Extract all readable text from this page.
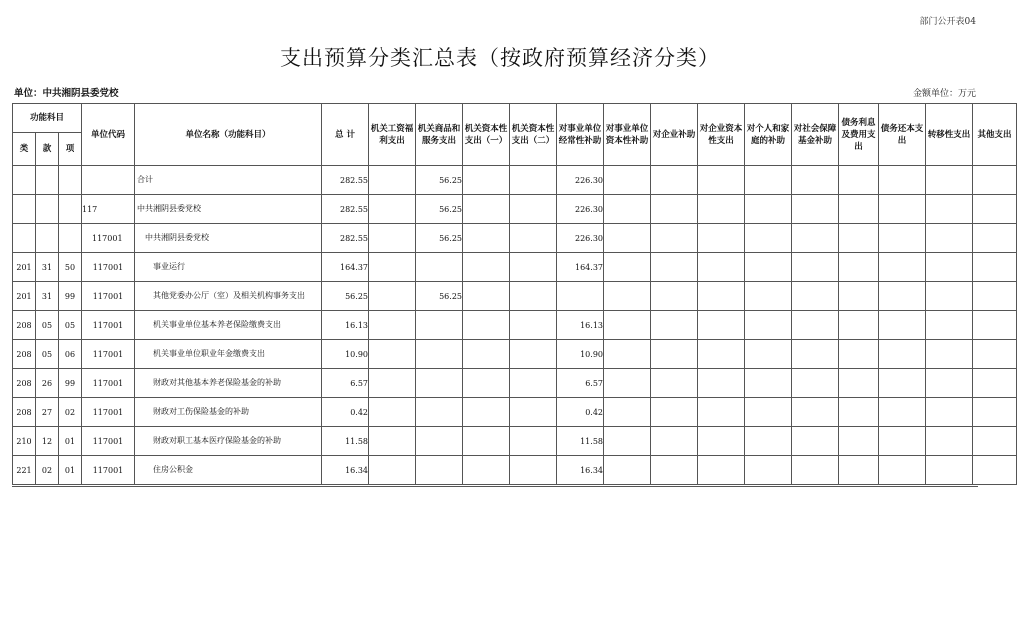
部门公开表04
支出预算分类汇总表（按政府预算经济分类）
单位：中共湘阴县委党校	金额单位：万元
功能科目			单位代码	单位名称（功能科目）	总 计	机关工资福利支出	机关商品和服务支出	机关资本性支出（一）	机关资本性支出（二）	对事业单位经常性补助	对事业单位资本性补助	对企业补助	对企业资本性支出	对个人和家庭的补助	对社会保障基金补助	债务利息及费用支出	债务还本支出	转移性支出	其他支出
类	款	项																	
				合计	282.55		56.25			226.30									
			117	中共湘阴县委党校	282.55		56.25			226.30									
			117001	中共湘阴县委党校	282.55		56.25			226.30									
201	31	50	117001	事业运行	164.37					164.37									
201	31	99	117001	其他党委办公厅（室）及相关机构事务支出	56.25		56.25												
208	05	05	117001	机关事业单位基本养老保险缴费支出	16.13					16.13									
208	05	06	117001	机关事业单位职业年金缴费支出	10.90					10.90									
208	26	99	117001	财政对其他基本养老保险基金的补助	6.57					6.57									
208	27	02	117001	财政对工伤保险基金的补助	0.42					0.42									
210	12	01	117001	财政对职工基本医疗保险基金的补助	11.58					11.58									
221	02	01	117001	住房公积金	16.34					16.34									
